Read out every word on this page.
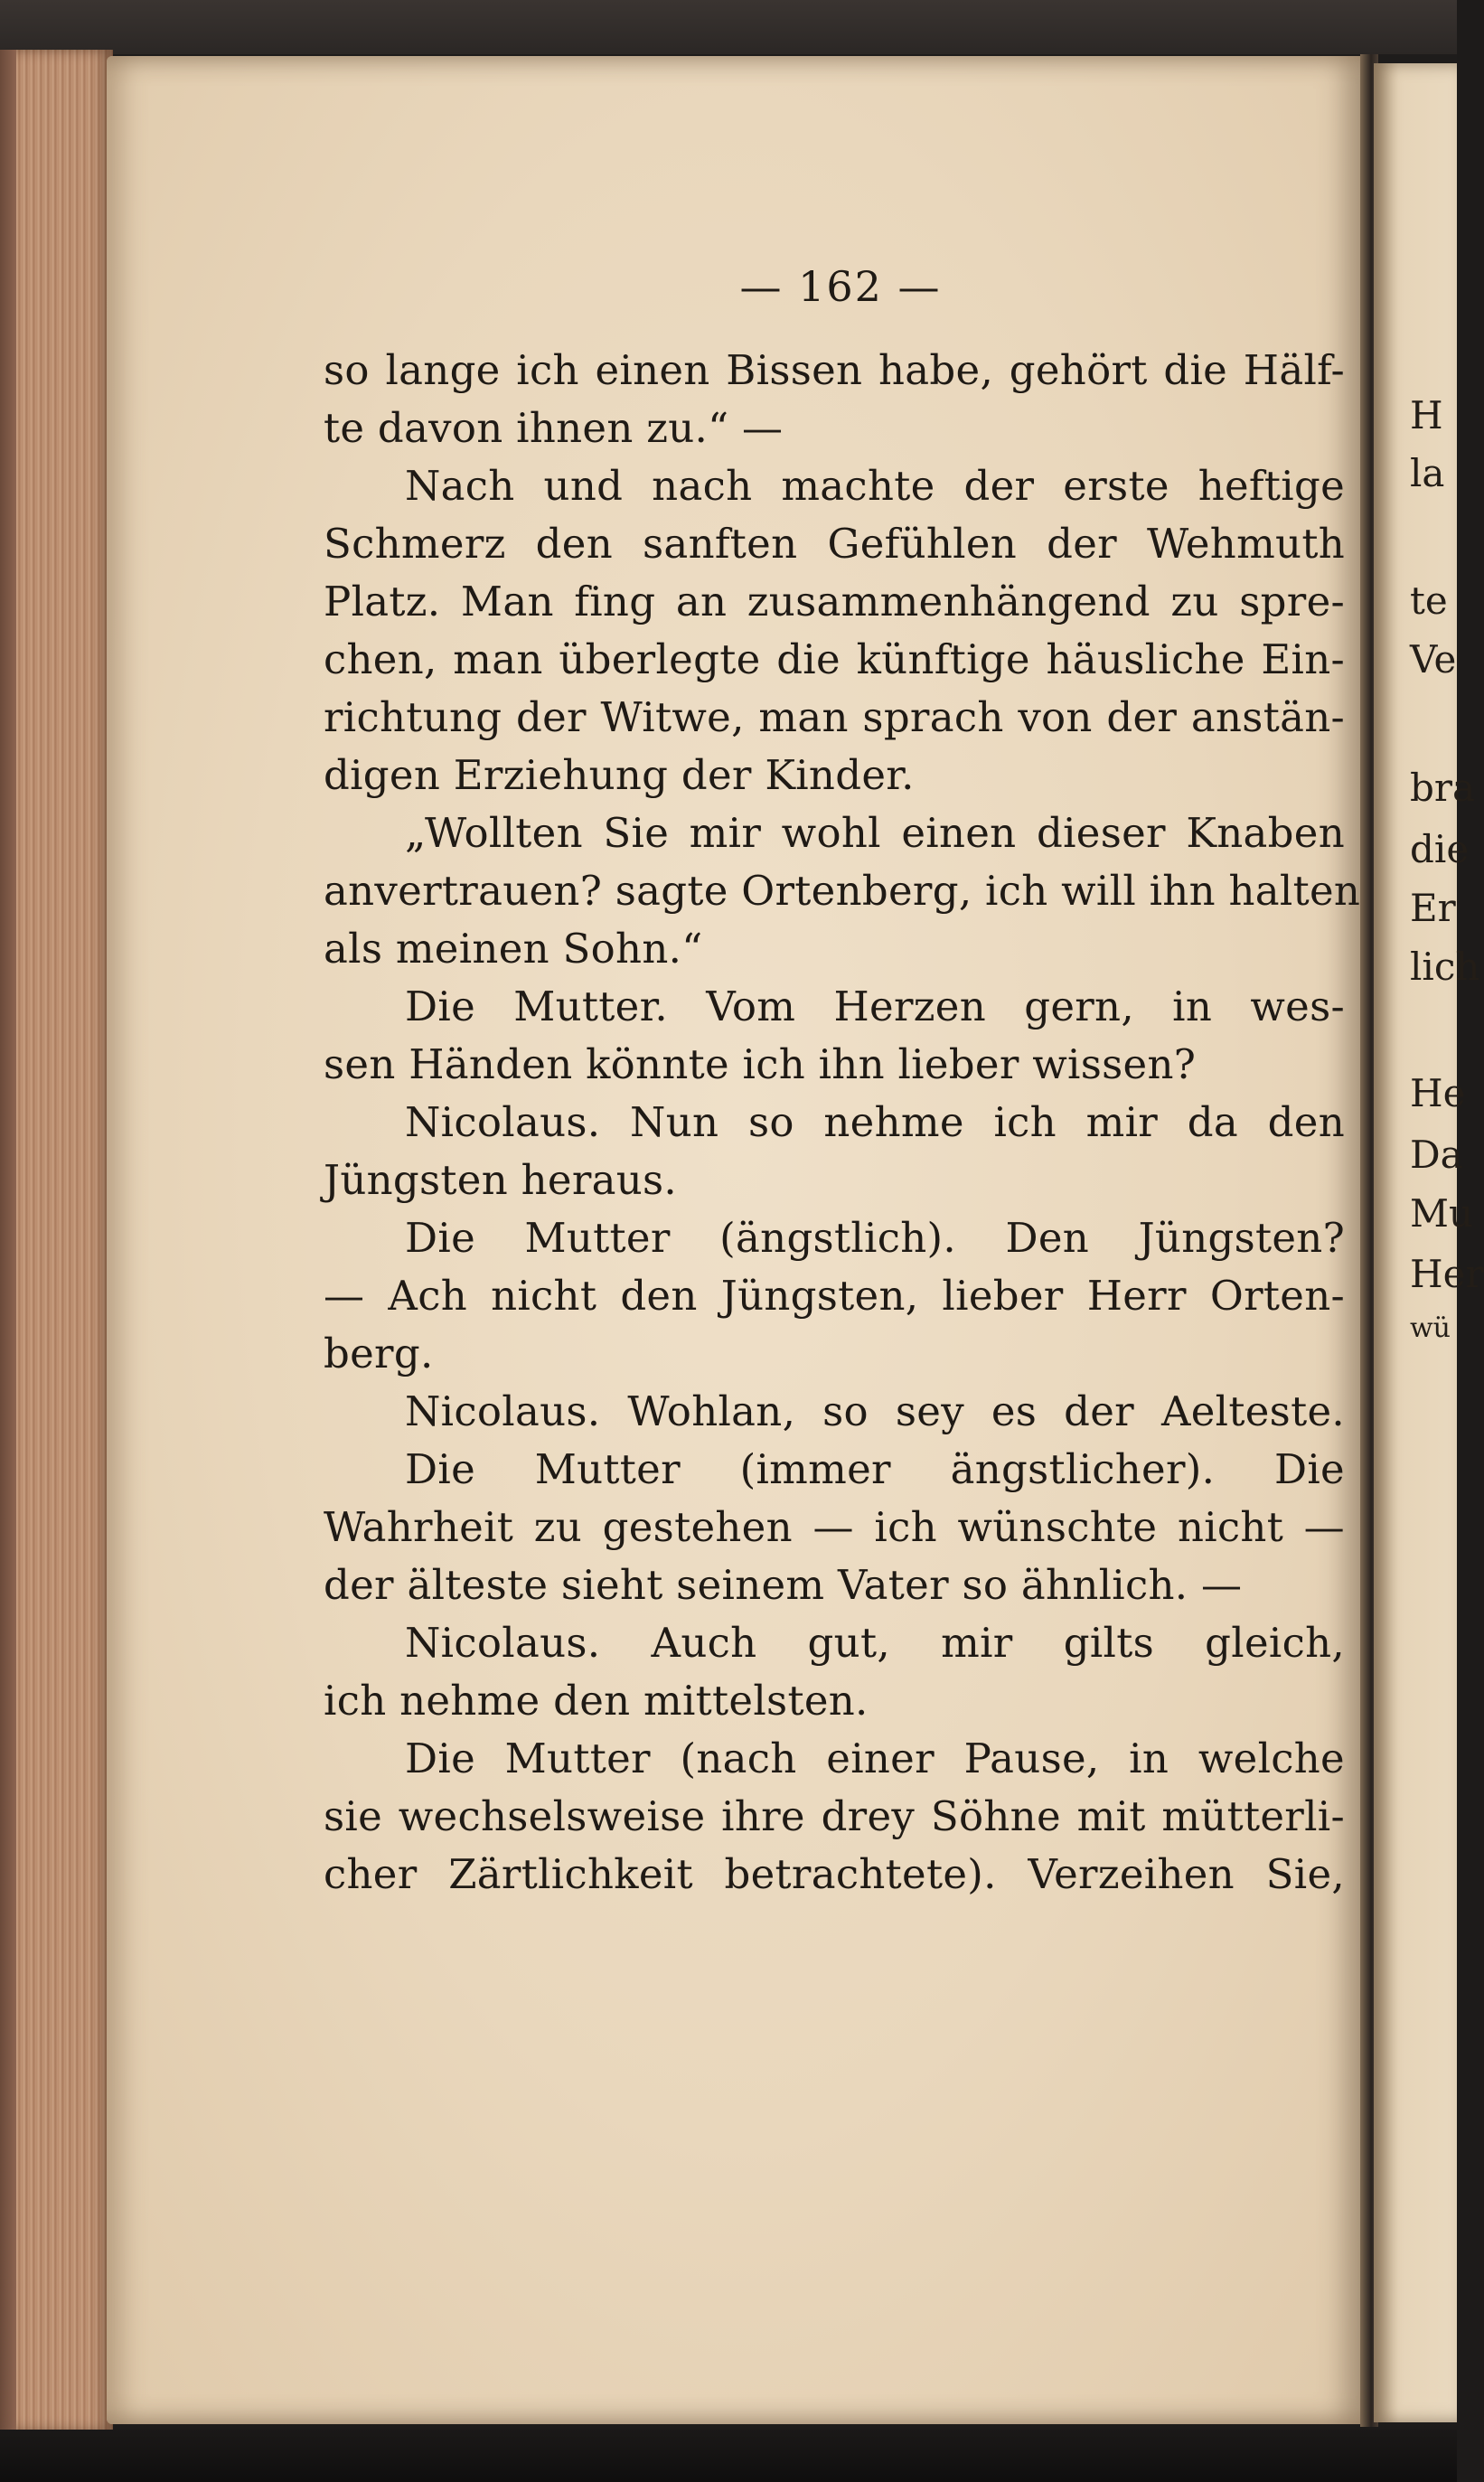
— 162 —
so lange ich einen Bissen habe, gehört die Hälf-
te davon ihnen zu.“ —
Nach und nach machte der erste heftige
Schmerz den sanften Gefühlen der Wehmuth
Platz. Man fing an zusammenhängend zu spre-
chen, man überlegte die künftige häusliche Ein-
richtung der Witwe, man sprach von der anstän-
digen Erziehung der Kinder.
„Wollten Sie mir wohl einen dieser Knaben
anvertrauen? sagte Ortenberg, ich will ihn halten
als meinen Sohn.“
Die Mutter. Vom Herzen gern, in wes-
sen Händen könnte ich ihn lieber wissen?
Nicolaus. Nun so nehme ich mir da den
Jüngsten heraus.
Die Mutter (ängstlich). Den Jüngsten?
— Ach nicht den Jüngsten, lieber Herr Orten-
berg.
Nicolaus. Wohlan, so sey es der Aelteste.
Die Mutter (immer ängstlicher). Die
Wahrheit zu gestehen — ich wünschte nicht —
der älteste sieht seinem Vater so ähnlich. —
Nicolaus. Auch gut, mir gilts gleich,
ich nehme den mittelsten.
Die Mutter (nach einer Pause, in welche
sie wechselsweise ihre drey Söhne mit mütterli-
cher Zärtlichkeit betrachtete). Verzeihen Sie,
H
la
te
Ve
bra
die
Er
lich
He
Da
Mu
Her
wü
